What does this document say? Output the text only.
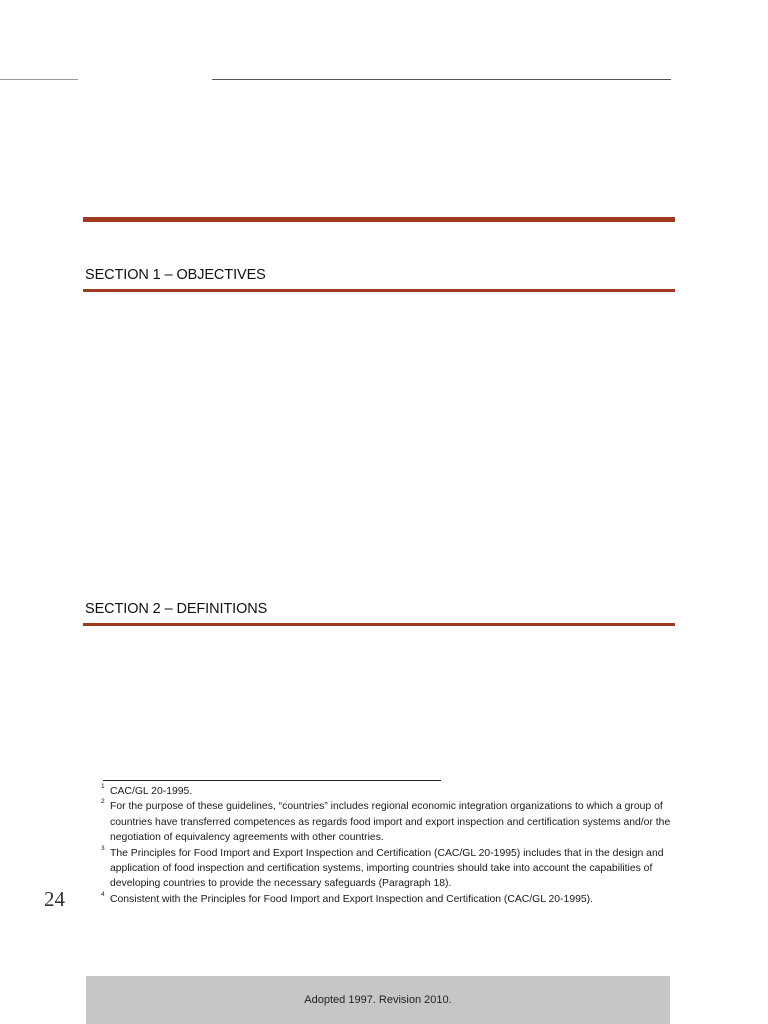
SECTION 1 – OBJECTIVES
SECTION 2 – DEFINITIONS
1 CAC/GL 20-1995.
2 For the purpose of these guidelines, “countries” includes regional economic integration organizations to which a group of countries have transferred competences as regards food import and export inspection and certification systems and/or the negotiation of equivalency agreements with other countries.
3 The Principles for Food Import and Export Inspection and Certification (CAC/GL 20-1995) includes that in the design and application of food inspection and certification systems, importing countries should take into account the capabilities of developing countries to provide the necessary safeguards (Paragraph 18).
4 Consistent with the Principles for Food Import and Export Inspection and Certification (CAC/GL 20-1995).
24
Adopted 1997. Revision 2010.
